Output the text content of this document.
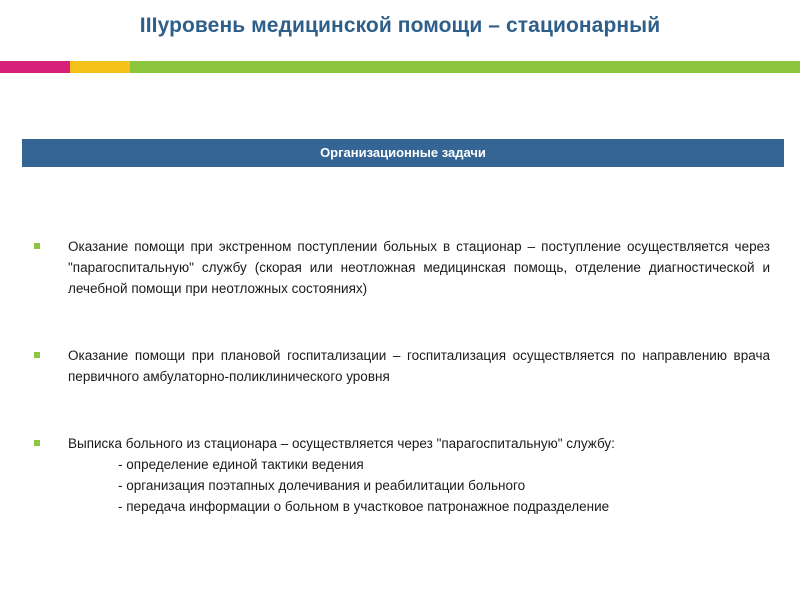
IIIуровень медицинской помощи – стационарный
Организационные задачи
Оказание помощи при экстренном поступлении больных в стационар – поступление осуществляется через "парагоспитальную" службу (скорая или неотложная медицинская помощь, отделение диагностической и лечебной помощи при неотложных состояниях)
Оказание помощи при плановой госпитализации – госпитализация осуществляется по направлению врача первичного амбулаторно-поликлинического уровня
Выписка больного из стационара – осуществляется через "парагоспитальную" службу:
- определение единой тактики ведения
- организация поэтапных долечивания и реабилитации больного
- передача информации о больном в участковое патронажное подразделение
